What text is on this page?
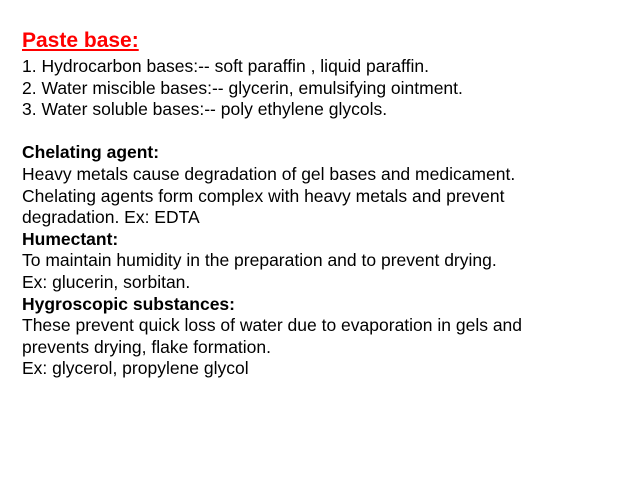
Paste base:
1. Hydrocarbon bases:-- soft paraffin , liquid paraffin.
2. Water miscible bases:-- glycerin, emulsifying ointment.
3. Water soluble bases:-- poly ethylene glycols.
Chelating agent:
Heavy metals cause degradation of gel bases and medicament.
Chelating agents form complex with heavy metals and prevent
degradation. Ex: EDTA
Humectant:
To maintain humidity in the preparation and to prevent drying.
Ex: glucerin, sorbitan.
Hygroscopic substances:
These prevent quick loss of water due to evaporation in gels and
prevents drying, flake formation.
Ex: glycerol, propylene glycol
